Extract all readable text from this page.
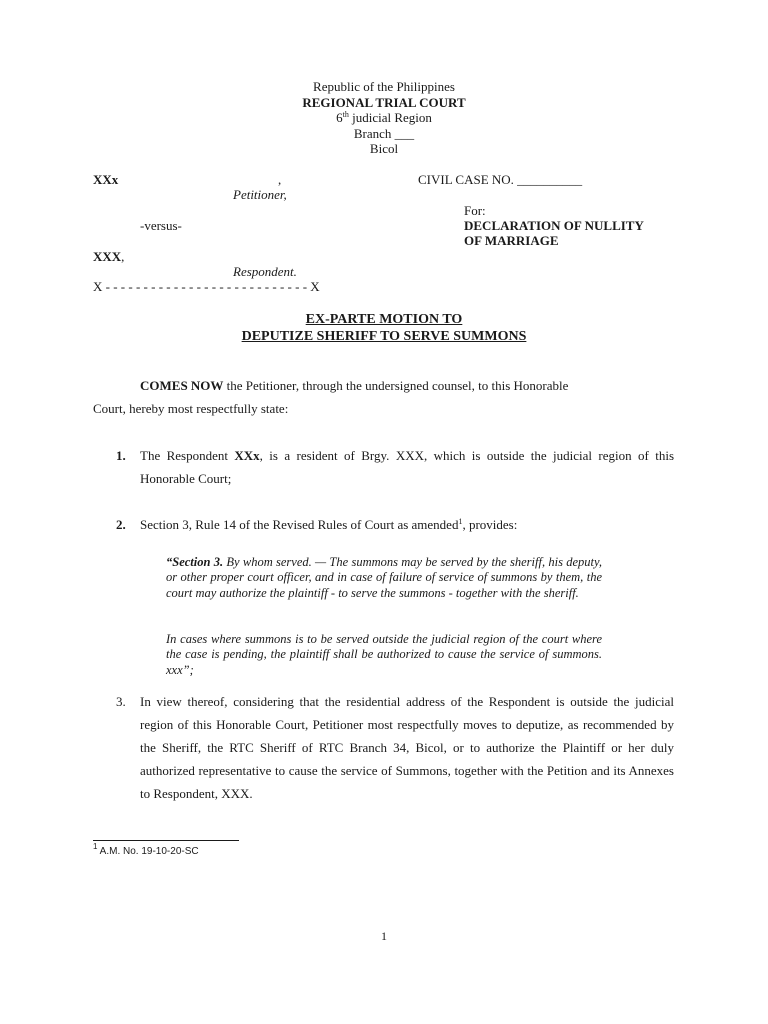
Republic of the Philippines
REGIONAL TRIAL COURT
6th judicial Region
Branch ___
Bicol
XXx	,
Petitioner,
-versus-
XXX,
Respondent.
X - - - - - - - - - - - - - - - - - - - - - - - - - - - X
CIVIL CASE NO. __________
For:
DECLARATION OF NULLITY
OF MARRIAGE
EX-PARTE MOTION TO
DEPUTIZE SHERIFF TO SERVE SUMMONS
COMES NOW the Petitioner, through the undersigned counsel, to this Honorable
Court, hereby most respectfully state:
1. The Respondent XXx, is a resident of Brgy. XXX, which is outside the judicial region of this Honorable Court;
2. Section 3, Rule 14 of the Revised Rules of Court as amended$^1$, provides:
“Section 3. By whom served. — The summons may be served by the sheriff, his deputy, or other proper court officer, and in case of failure of service of summons by them, the court may authorize the plaintiff - to serve the summons - together with the sheriff.
In cases where summons is to be served outside the judicial region of the court where the case is pending, the plaintiff shall be authorized to cause the service of summons. xxx”;
3. In view thereof, considering that the residential address of the Respondent is outside the judicial region of this Honorable Court, Petitioner most respectfully moves to deputize, as recommended by the Sheriff, the RTC Sheriff of RTC Branch 34, Bicol, or to authorize the Plaintiff or her duly authorized representative to cause the service of Summons, together with the Petition and its Annexes to Respondent, XXX.
$^1$ A.M. No. 19-10-20-SC
1
